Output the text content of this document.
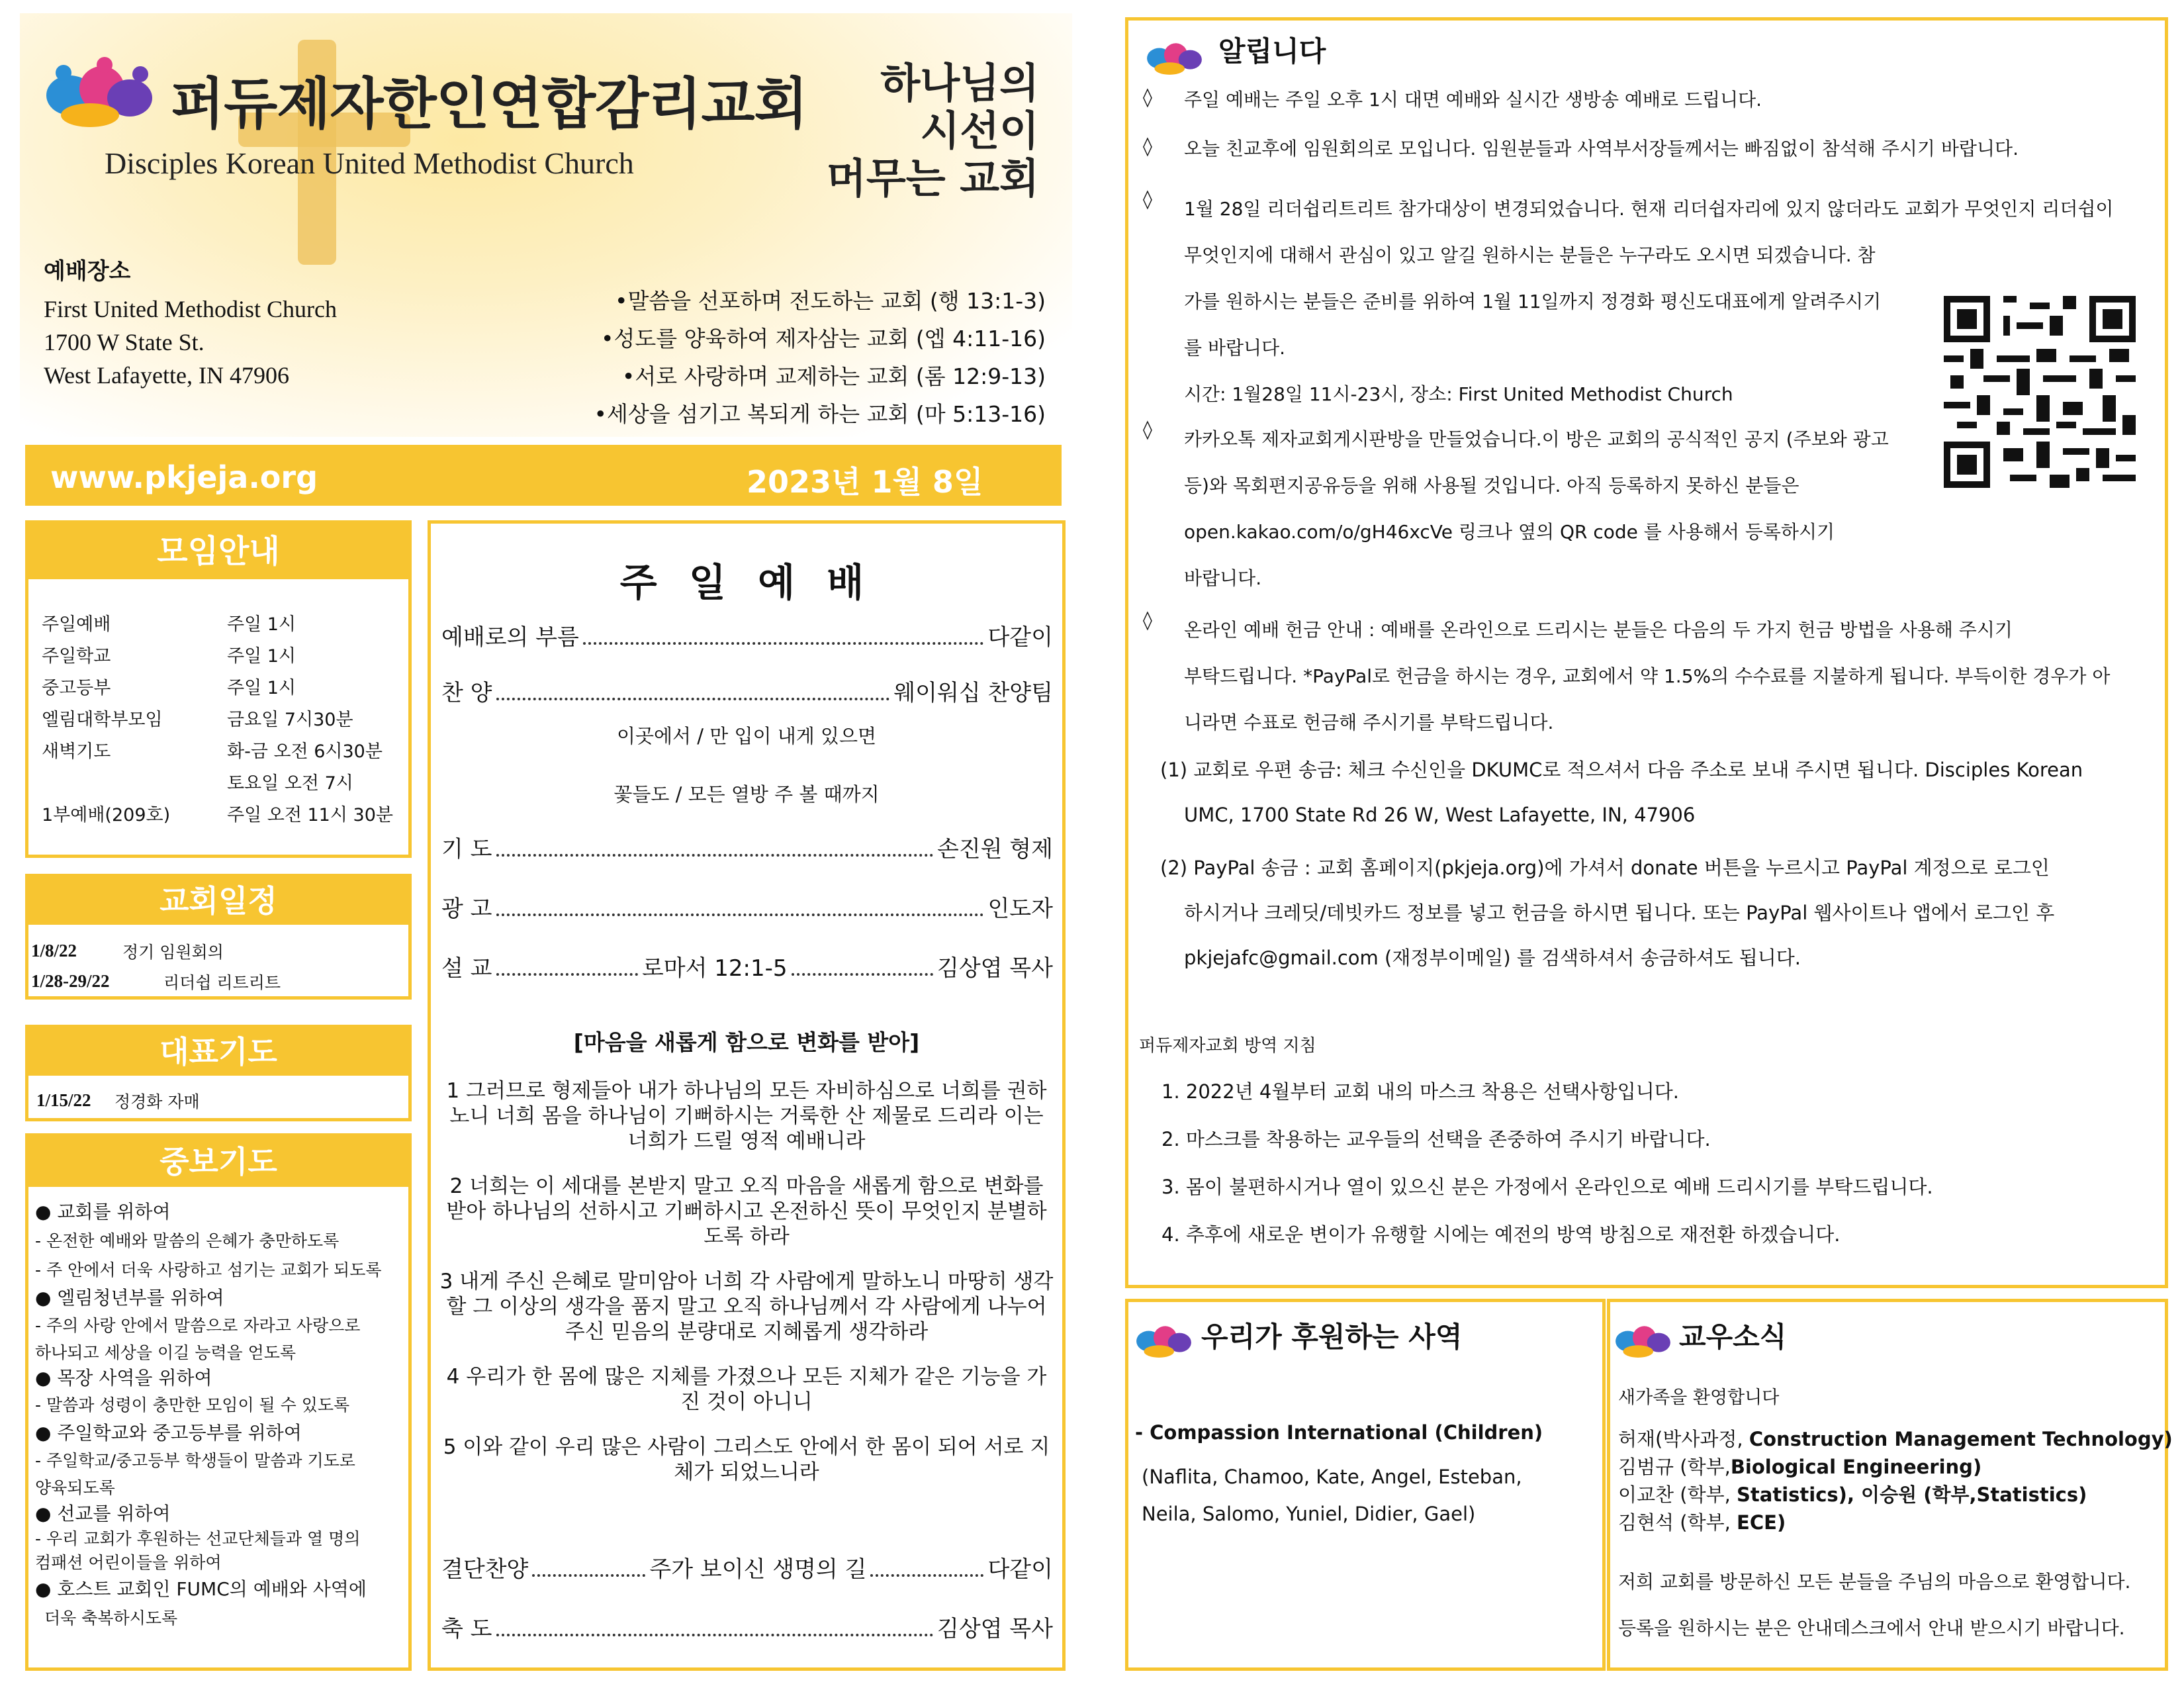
퍼듀제자한인연합감리교회
Disciples Korean United Methodist Church
하나님의
시선이
머무는 교회
예배장소
First United Methodist Church
1700 W State St.
West Lafayette, IN 47906
•말씀을 선포하며 전도하는 교회 (행 13:1-3)
•성도를 양육하여 제자삼는 교회 (엡 4:11-16)
•서로 사랑하며 교제하는 교회 (롬 12:9-13)
•세상을 섬기고 복되게 하는 교회 (마 5:13-16)
www.pkjeja.org	2023년 1월 8일
모임안내
주일예배	주일 1시
주일학교	주일 1시
중고등부	주일 1시
엘림대학부모임	금요일 7시30분
새벽기도	화-금 오전 6시30분
토요일 오전 7시
1부예배(209호)	주일 오전 11시 30분
교회일정
1/8/22	정기 임원회의
1/28-29/22	리더쉽 리트리트
대표기도
1/15/22 정경화 자매
중보기도
● 교회를 위하여
- 온전한 예배와 말씀의 은혜가 충만하도록
- 주 안에서 더욱 사랑하고 섬기는 교회가 되도록
● 엘림청년부를 위하여
- 주의 사랑 안에서 말씀으로 자라고 사랑으로
하나되고 세상을 이길 능력을 얻도록
● 목장 사역을 위하여
- 말씀과 성령이 충만한 모임이 될 수 있도록
● 주일학교와 중고등부를 위하여
- 주일학교/중고등부 학생들이 말씀과 기도로
양육되도록
● 선교를 위하여
- 우리 교회가 후원하는 선교단체들과 열 명의
컴패션 어린이들을 위하여
● 호스트 교회인 FUMC의 예배와 사역에
더욱 축복하시도록
주 일 예 배
예배로의 부름	다같이
찬 양	웨이워십 찬양팀
이곳에서 / 만 입이 내게 있으면
꽃들도 / 모든 열방 주 볼 때까지
기 도	손진원 형제
광 고	인도자
설 교	로마서 12:1-5	김상엽 목사
[마음을 새롭게 함으로 변화를 받아]

1 그러므로 형제들아 내가 하나님의 모든 자비하심으로 너희를 권하노니 너희 몸을 하나님이 기뻐하시는 거룩한 산 제물로 드리라 이는 너희가 드릴 영적 예배니라

2 너희는 이 세대를 본받지 말고 오직 마음을 새롭게 함으로 변화를 받아 하나님의 선하시고 기뻐하시고 온전하신 뜻이 무엇인지 분별하도록 하라

3 내게 주신 은혜로 말미암아 너희 각 사람에게 말하노니 마땅히 생각할 그 이상의 생각을 품지 말고 오직 하나님께서 각 사람에게 나누어 주신 믿음의 분량대로 지혜롭게 생각하라

4 우리가 한 몸에 많은 지체를 가졌으나 모든 지체가 같은 기능을 가진 것이 아니니

5 이와 같이 우리 많은 사람이 그리스도 안에서 한 몸이 되어 서로 지체가 되었느니라

결단찬양	주가 보이신 생명의 길	다같이
축 도	김상엽 목사
알립니다
◊ 주일 예배는 주일 오후 1시 대면 예배와 실시간 생방송 예배로 드립니다.
◊ 오늘 친교후에 임원회의로 모입니다. 임원분들과 사역부서장들께서는 빠짐없이 참석해 주시기 바랍니다.
◊ 1월 28일 리더쉽리트리트 참가대상이 변경되었습니다. 현재 리더쉽자리에 있지 않더라도 교회가 무엇인지 리더쉽이
무엇인지에 대해서 관심이 있고 알길 원하시는 분들은 누구라도 오시면 되겠습니다. 참
가를 원하시는 분들은 준비를 위하여 1월 11일까지 정경화 평신도대표에게 알려주시기
를 바랍니다.
시간: 1월28일 11시-23시, 장소: First United Methodist Church
◊ 카카오톡 제자교회게시판방을 만들었습니다.이 방은 교회의 공식적인 공지 (주보와 광고
등)와 목회편지공유등을 위해 사용될 것입니다. 아직 등록하지 못하신 분들은
open.kakao.com/o/gH46xcVe 링크나 옆의 QR code 를 사용해서 등록하시기
바랍니다.
◊ 온라인 예배 헌금 안내 : 예배를 온라인으로 드리시는 분들은 다음의 두 가지 헌금 방법을 사용해 주시기
부탁드립니다. *PayPal로 헌금을 하시는 경우, 교회에서 약 1.5%의 수수료를 지불하게 됩니다. 부득이한 경우가 아
니라면 수표로 헌금해 주시기를 부탁드립니다.
(1) 교회로 우편 송금: 체크 수신인을 DKUMC로 적으셔서 다음 주소로 보내 주시면 됩니다. Disciples Korean
UMC, 1700 State Rd 26 W, West Lafayette, IN, 47906
(2) PayPal 송금 : 교회 홈페이지(pkjeja.org)에 가셔서 donate 버튼을 누르시고 PayPal 계정으로 로그인
하시거나 크레딧/데빗카드 정보를 넣고 헌금을 하시면 됩니다. 또는 PayPal 웹사이트나 앱에서 로그인 후
pkjejafc@gmail.com (재정부이메일) 를 검색하셔서 송금하셔도 됩니다.
퍼듀제자교회 방역 지침
1. 2022년 4월부터 교회 내의 마스크 착용은 선택사항입니다.
2. 마스크를 착용하는 교우들의 선택을 존중하여 주시기 바랍니다.
3. 몸이 불편하시거나 열이 있으신 분은 가정에서 온라인으로 예배 드리시기를 부탁드립니다.
4. 추후에 새로운 변이가 유행할 시에는 예전의 방역 방침으로 재전환 하겠습니다.
우리가 후원하는 사역
- Compassion International (Children)
(Naflita, Chamoo, Kate, Angel, Esteban,
Neila, Salomo, Yuniel, Didier, Gael)
교우소식
새가족을 환영합니다
허재(박사과정, Construction Management Technology)
김범규 (학부,Biological Engineering)
이교찬 (학부, Statistics), 이승원 (학부,Statistics)
김현석 (학부, ECE)
저희 교회를 방문하신 모든 분들을 주님의 마음으로 환영합니다.
등록을 원하시는 분은 안내데스크에서 안내 받으시기 바랍니다.
